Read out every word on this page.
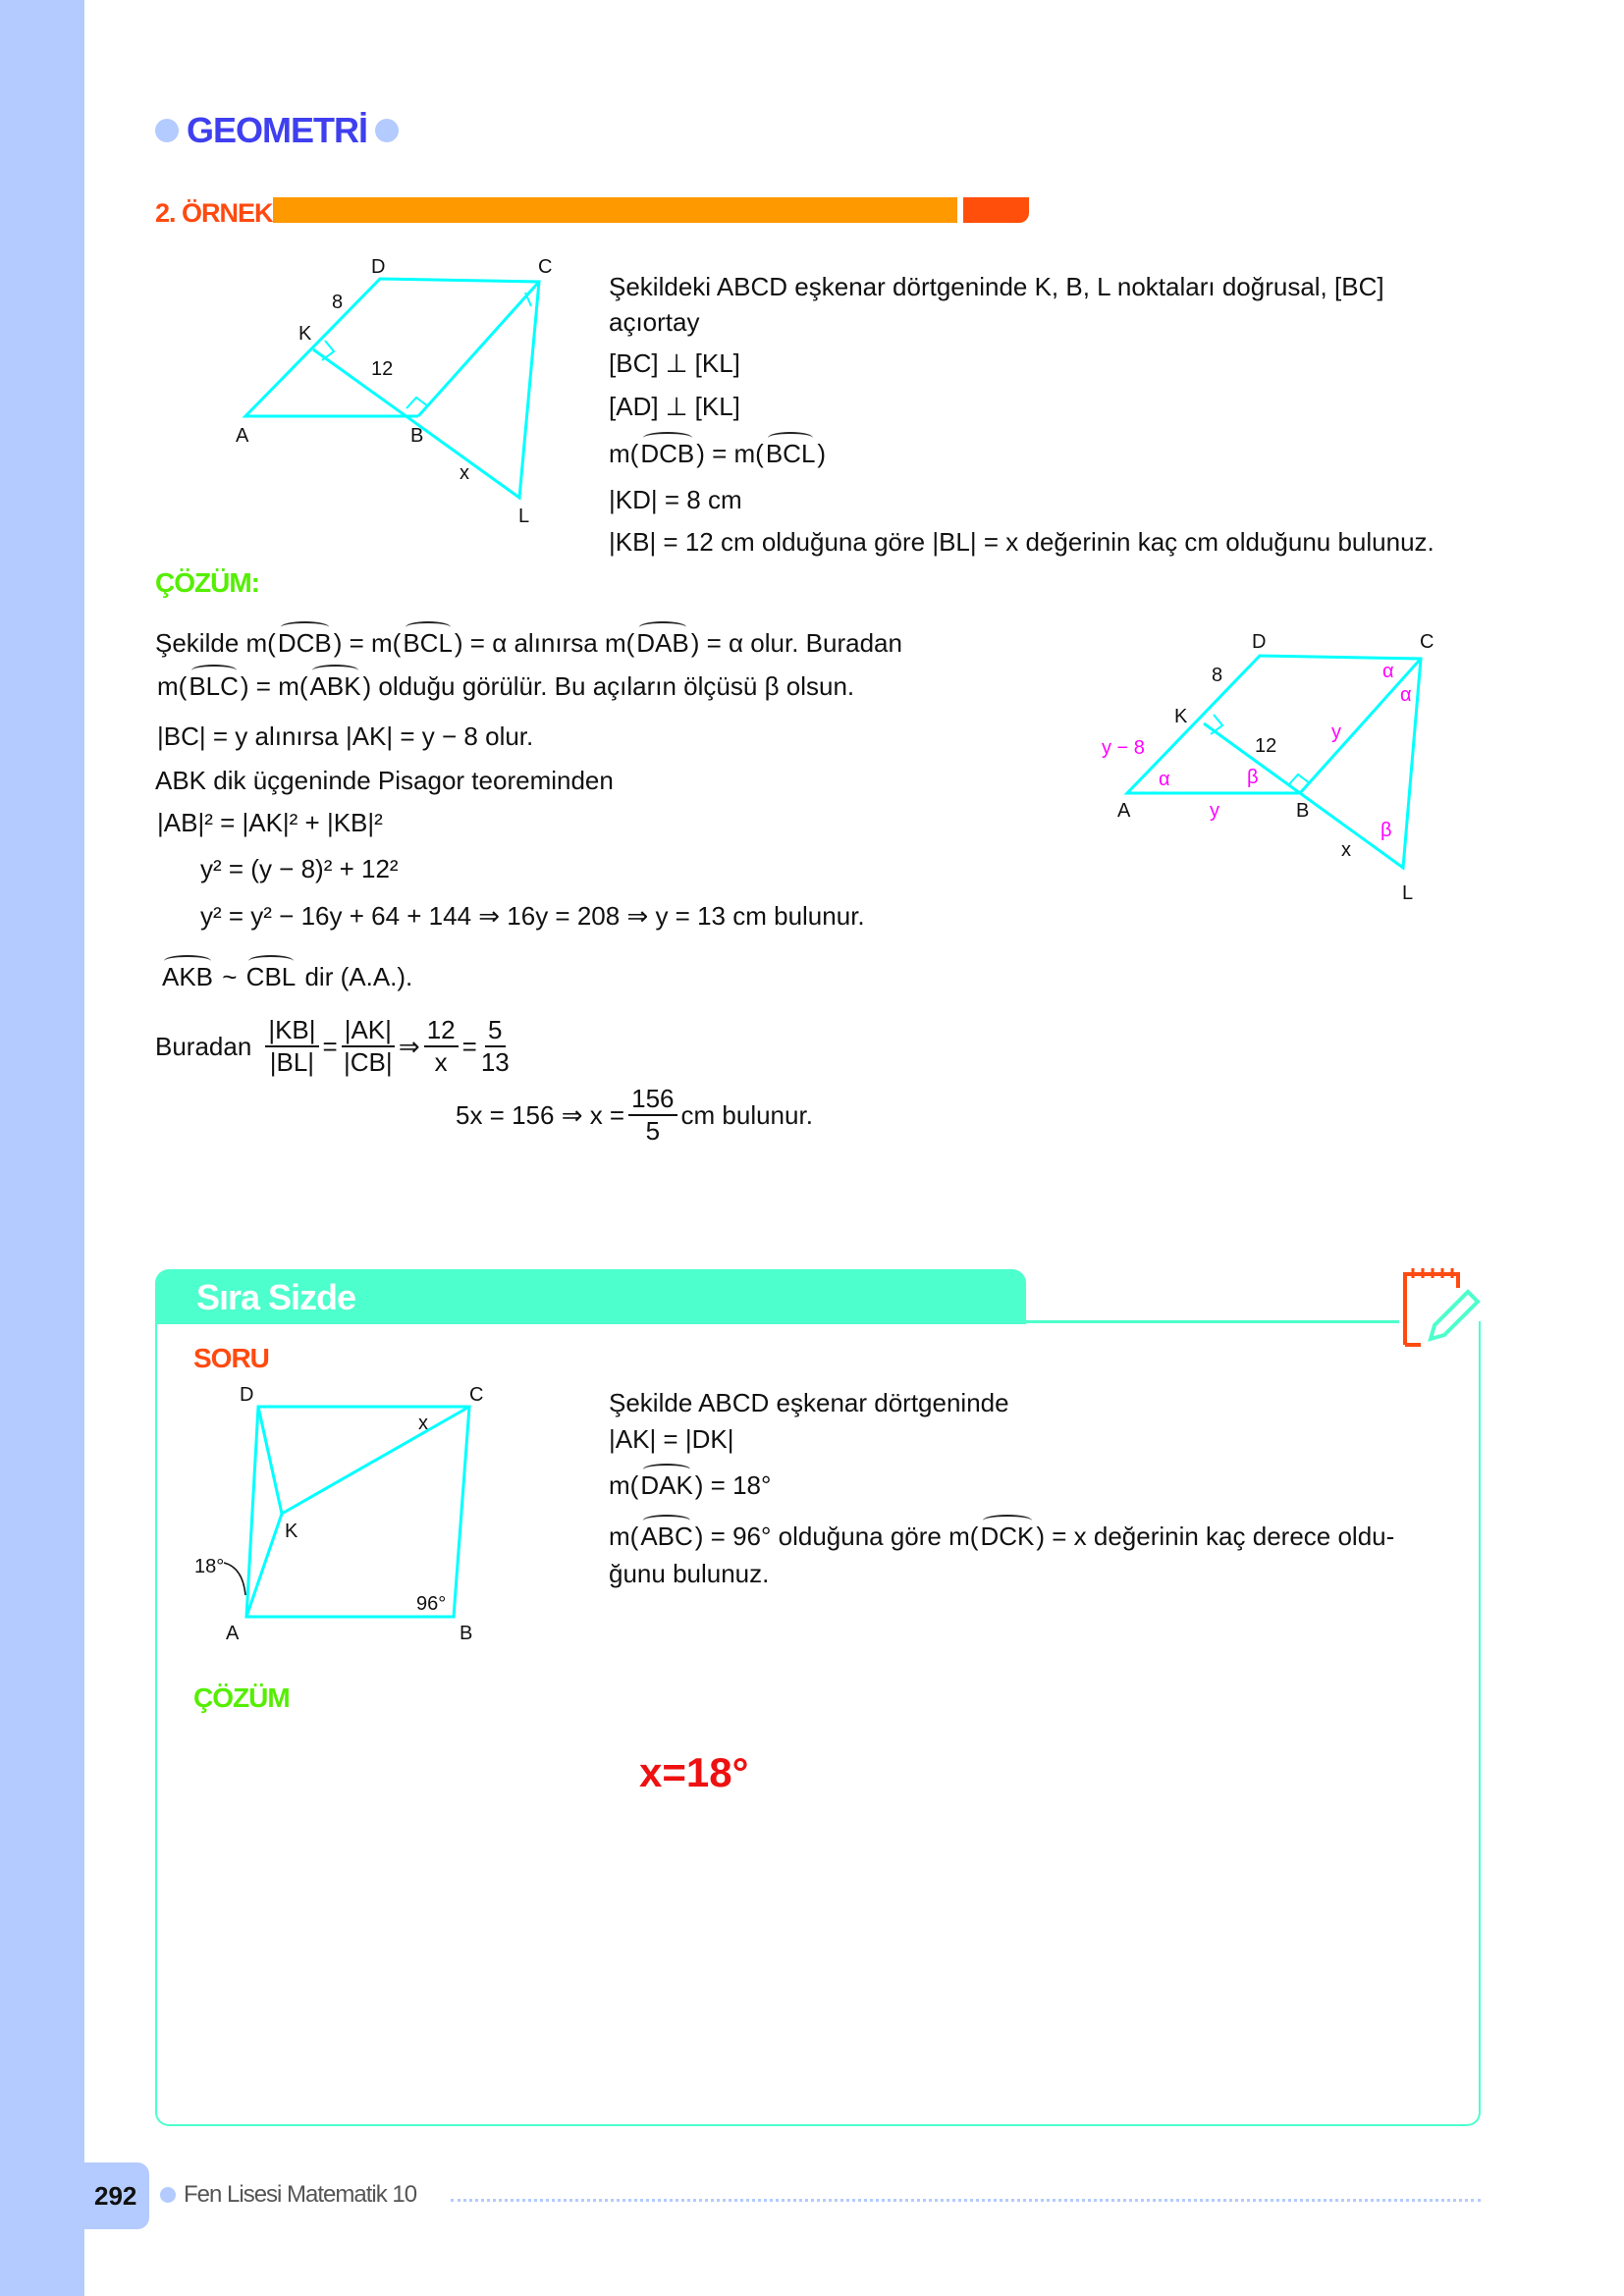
GEOMETRİ
2. ÖRNEK
D	C
K
A	B
L
8
12
x
D	C
K
A	B
L
8
12
x
y − 8
y
y
α
α
α
β
β
D	C
K
A	B
18°
96°
x
Şekildeki ABCD eşkenar dörtgeninde K, B, L noktaları doğrusal, [BC]
açıortay
[BC] ⊥ [KL]
[AD] ⊥ [KL]
m(DCB) = m(BCL)
|KD| = 8 cm
|KB| = 12 cm olduğuna göre |BL| = x değerinin kaç cm olduğunu bulunuz.
ÇÖZÜM:
Şekilde m(DCB) = m(BCL) = α alınırsa m(DAB) = α olur. Buradan
m(BLC) = m(ABK) olduğu görülür. Bu açıların ölçüsü β olsun.
|BC| = y alınırsa |AK| = y − 8 olur.
ABK dik üçgeninde Pisagor teoreminden
|AB|² = |AK|² + |KB|²
y² = (y − 8)² + 12²
y² = y² − 16y + 64 + 144 ⇒ 16y = 208 ⇒ y = 13 cm bulunur.
AKB ~ CBL dir (A.A.).
Buradan $\frac{|KB|}{|BL|} = \frac{|AK|}{|CB|}$ ⇒ $\frac{12}{x} = \frac{5}{13}$
5x = 156 ⇒ $x = \frac{156}{5}$ cm bulunur.
Sıra Sizde
SORU
Şekilde ABCD eşkenar dörtgeninde
|AK| = |DK|
m(DAK) = 18°
m(ABC) = 96° olduğuna göre m(DCK) = x değerinin kaç derece oldu-
ğunu bulunuz.
ÇÖZÜM
x=18°
292 Fen Lisesi Matematik 10
